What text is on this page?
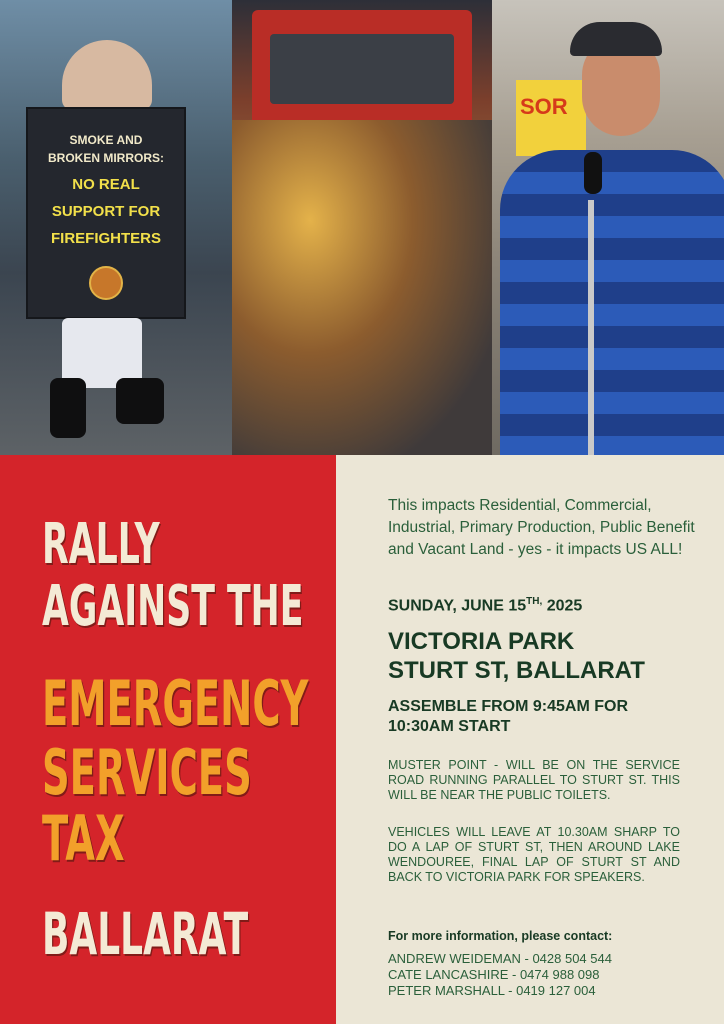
SMOKE AND
BROKEN MIRRORS:
NO REAL
SUPPORT FOR
FIREFIGHTERS
SOR
RALLY
AGAINST THE
EMERGENCY
SERVICES
TAX
BALLARAT
This impacts Residential, Commercial, Industrial, Primary Production, Public Benefit and Vacant Land - yes - it impacts US ALL!
SUNDAY, JUNE $15^{TH,}$ 2025
VICTORIA PARK
STURT ST, BALLARAT
ASSEMBLE FROM 9:45AM FOR
10:30AM START
MUSTER POINT - WILL BE ON THE SERVICE ROAD RUNNING PARALLEL TO STURT ST. THIS WILL BE NEAR THE PUBLIC TOILETS.
VEHICLES WILL LEAVE AT 10.30AM SHARP TO DO A LAP OF STURT ST, THEN AROUND LAKE WENDOUREE, FINAL LAP OF STURT ST AND BACK TO VICTORIA PARK FOR SPEAKERS.
For more information, please contact:
ANDREW WEIDEMAN - 0428 504 544
CATE LANCASHIRE - 0474 988 098
PETER MARSHALL - 0419 127 004
